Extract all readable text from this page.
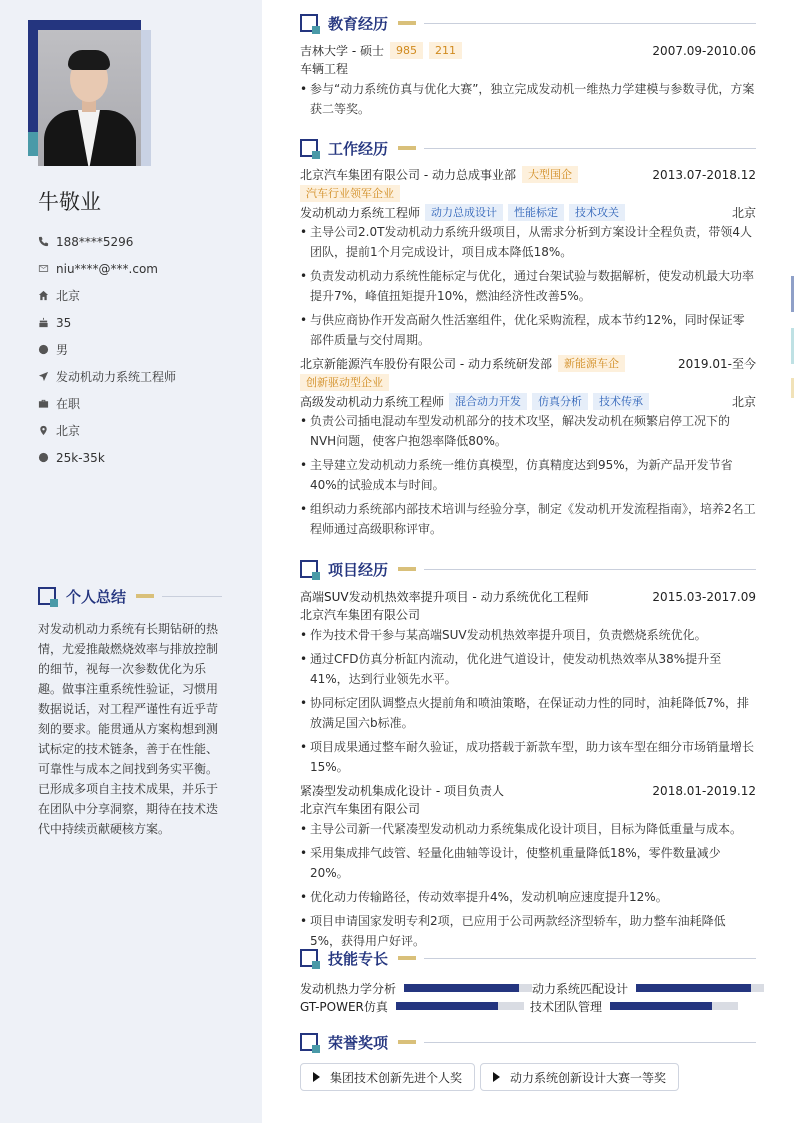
牛敬业
188****5296
niu****@***.com
北京
35
男
发动机动力系统工程师
在职
北京
25k-35k
个人总结
对发动机动力系统有长期钻研的热情，尤爱推敲燃烧效率与排放控制的细节，视每一次参数优化为乐趣。做事注重系统性验证，习惯用数据说话，对工程严谨性有近乎苛刻的要求。能贯通从方案构想到测试标定的技术链条，善于在性能、可靠性与成本之间找到务实平衡。已形成多项自主技术成果，并乐于在团队中分享洞察，期待在技术迭代中持续贡献硬核方案。
教育经历
吉林大学 - 硕士	985	211	2007.09-2010.06
车辆工程
• 参与“动力系统仿真与优化大赛”，独立完成发动机一维热力学建模与参数寻优，方案获二等奖。
工作经历
北京汽车集团有限公司 - 动力总成事业部	大型国企	2013.07-2018.12
汽车行业领军企业
发动机动力系统工程师	动力总成设计	性能标定	技术攻关	北京
• 主导公司2.0T发动机动力系统升级项目，从需求分析到方案设计全程负责，带领4人团队，提前1个月完成设计，项目成本降低18%。
• 负责发动机动力系统性能标定与优化，通过台架试验与数据解析，使发动机最大功率提升7%，峰值扭矩提升10%，燃油经济性改善5%。
• 与供应商协作开发高耐久性活塞组件，优化采购流程，成本节约12%，同时保证零部件质量与交付周期。
北京新能源汽车股份有限公司 - 动力系统研发部	新能源车企	2019.01-至今
创新驱动型企业
高级发动机动力系统工程师	混合动力开发	仿真分析	技术传承	北京
• 负责公司插电混动车型发动机部分的技术攻坚，解决发动机在频繁启停工况下的NVH问题，使客户抱怨率降低80%。
• 主导建立发动机动力系统一维仿真模型，仿真精度达到95%，为新产品开发节省40%的试验成本与时间。
• 组织动力系统部内部技术培训与经验分享，制定《发动机开发流程指南》，培养2名工程师通过高级职称评审。
项目经历
高端SUV发动机热效率提升项目 - 动力系统优化工程师	2015.03-2017.09
北京汽车集团有限公司
• 作为技术骨干参与某高端SUV发动机热效率提升项目，负责燃烧系统优化。
• 通过CFD仿真分析缸内流动，优化进气道设计，使发动机热效率从38%提升至41%，达到行业领先水平。
• 协同标定团队调整点火提前角和喷油策略，在保证动力性的同时，油耗降低7%，排放满足国六b标准。
• 项目成果通过整车耐久验证，成功搭载于新款车型，助力该车型在细分市场销量增长15%。
紧凑型发动机集成化设计 - 项目负责人	2018.01-2019.12
北京汽车集团有限公司
• 主导公司新一代紧凑型发动机动力系统集成化设计项目，目标为降低重量与成本。
• 采用集成排气歧管、轻量化曲轴等设计，使整机重量降低18%，零件数量减少20%。
• 优化动力传输路径，传动效率提升4%，发动机响应速度提升12%。
• 项目申请国家发明专利2项，已应用于公司两款经济型轿车，助力整车油耗降低5%，获得用户好评。
技能专长
发动机热力学分析	动力系统匹配设计
GT-POWER仿真	技术团队管理
荣誉奖项
集团技术创新先进个人奖	动力系统创新设计大赛一等奖
